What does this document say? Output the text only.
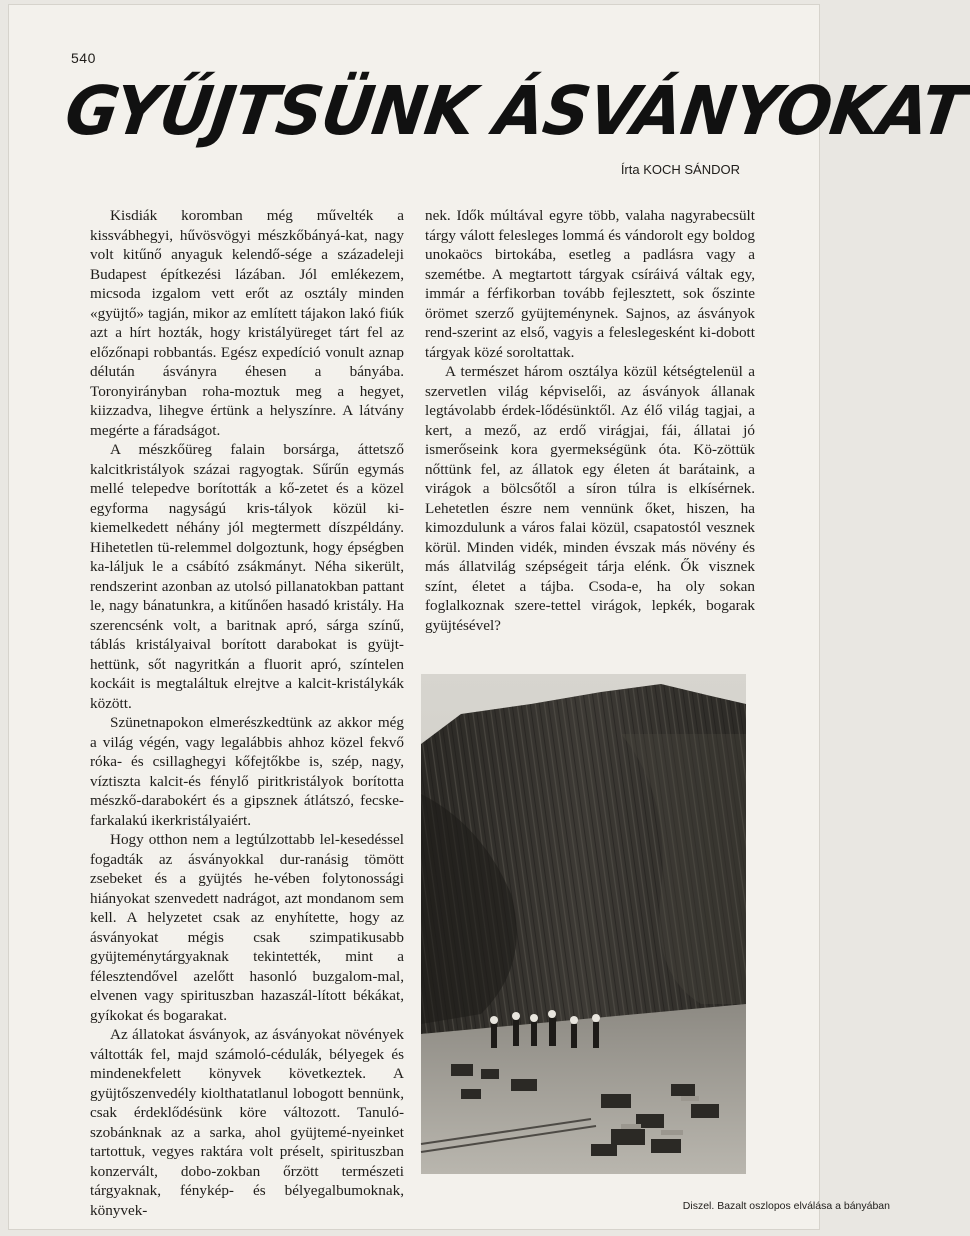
540
GYŰJTSÜNK ÁSVÁNYOKAT
Írta KOCH SÁNDOR

Kisdiák koromban még művelték a kissvábhegyi, hűvösvögyi mészkőbányá-kat, nagy volt kitűnő anyaguk kelendő-sége a századeleji Budapest építkezési lázában. Jól emlékezem, micsoda izgalom vett erőt az osztály minden «gyüjtő» tagján, mikor az említett tájakon lakó fiúk azt a hírt hozták, hogy kristályüreget tárt fel az előzőnapi robbantás. Egész expedíció vonult aznap délután ásványra éhesen a bányába. Toronyirányban roha-moztuk meg a hegyet, kiizzadva, lihegve értünk a helyszínre. A látvány megérte a fáradságot.

A mészkőüreg falain borsárga, áttetsző kalcitkristályok százai ragyogtak. Sűrűn egymás mellé telepedve borították a kő-zetet és a közel egyforma nagyságú kris-tályok közül ki-kiemelkedett néhány jól megtermett díszpéldány. Hihetetlen tü-relemmel dolgoztunk, hogy épségben ka-láljuk le a csábító zsákmányt. Néha sikerült, rendszerint azonban az utolsó pillanatokban pattant le, nagy bánatunkra, a kitűnően hasadó kristály. Ha szerencsénk volt, a baritnak apró, sárga színű, táblás kristályaival borított darabokat is gyüjt-hettünk, sőt nagyritkán a fluorit apró, színtelen kockáit is megtaláltuk elrejtve a kalcit-kristálykák között.

Szünetnapokon elmerészkedtünk az akkor még a világ végén, vagy legalábbis ahhoz közel fekvő róka- és csillaghegyi kőfejtőkbe is, szép, nagy, víztiszta kalcit-és fénylő piritkristályok borította mészkő-darabokért és a gipsznek átlátszó, fecske-farkalakú ikerkristályaiért.

Hogy otthon nem a legtúlzottabb lel-kesedéssel fogadták az ásványokkal dur-ranásig tömött zsebeket és a gyüjtés he-vében folytonossági hiányokat szenvedett nadrágot, azt mondanom sem kell. A helyzetet csak az enyhítette, hogy az ásványokat mégis csak szimpatikusabb gyüjteménytárgyaknak tekintették, mint a félesztendővel azelőtt hasonló buzgalom-mal, elvenen vagy spirituszban hazaszál-lított békákat, gyíkokat és bogarakat.

Az állatokat ásványok, az ásványokat növények váltották fel, majd számoló-cédulák, bélyegek és mindenekfelett könyvek következtek. A gyüjtőszenvedély kiolthatatlanul lobogott bennünk, csak érdeklődésünk köre változott. Tanuló-szobánknak az a sarka, ahol gyüjtemé-nyeinket tartottuk, vegyes raktára volt préselt, spirituszban konzervált, dobo-zokban őrzött természeti tárgyaknak, fénykép- és bélyegalbumoknak, könyvek-

nek. Idők múltával egyre több, valaha nagyrabecsült tárgy válott felesleges lommá és vándorolt egy boldog unokaöcs birtokába, esetleg a padlásra vagy a szemétbe. A megtartott tárgyak csíráivá váltak egy, immár a férfikorban tovább fejlesztett, sok őszinte örömet szerző gyüjteménynek. Sajnos, az ásványok rend-szerint az első, vagyis a feleslegesként ki-dobott tárgyak közé soroltattak.

A természet három osztálya közül kétségtelenül a szervetlen világ képviselői, az ásványok állanak legtávolabb érdek-lődésünktől. Az élő világ tagjai, a kert, a mező, az erdő virágjai, fái, állatai jó ismerőseink kora gyermekségünk óta. Kö-zöttük nőttünk fel, az állatok egy életen át barátaink, a virágok a bölcsőtől a síron túlra is elkísérnek. Lehetetlen észre nem vennünk őket, hiszen, ha kimozdulunk a város falai közül, csapatostól vesznek körül. Minden vidék, minden évszak más növény és más állatvilág szépségeit tárja elénk. Ők visznek színt, életet a tájba. Csoda-e, ha oly sokan foglalkoznak szere-tettel virágok, lepkék, bogarak gyüjtésével?

Diszel. Bazalt oszlopos elválása a bányában
